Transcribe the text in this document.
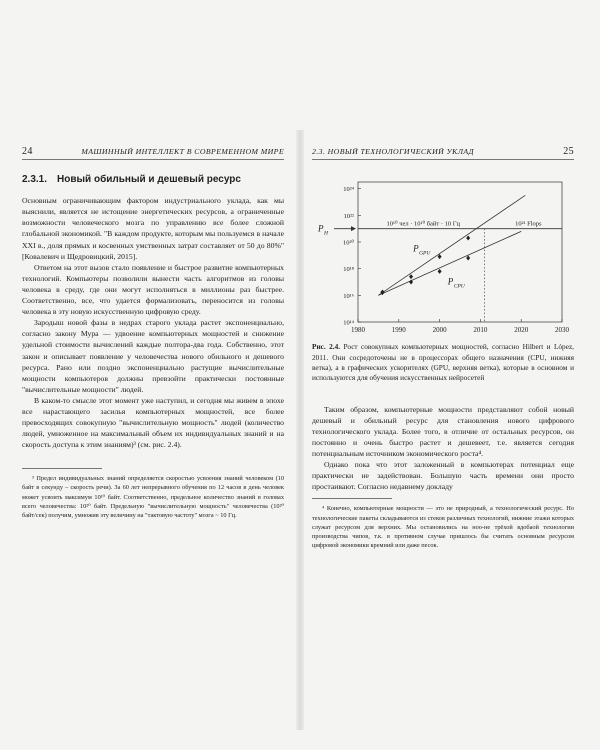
24	МАШИННЫЙ ИНТЕЛЛЕКТ В СОВРЕМЕННОМ МИРЕ
2.3.1. Новый обильный и дешевый ресурс

Основным ограничивающим фактором индустриального уклада, как мы выяснили, является не истощение энергетических ресурсов, а ограниченные возможности человеческого мозга по управлению все более сложной глобальной экономикой. "В каждом продукте, которым мы пользуемся в начале XXI в., доля прямых и косвенных умственных затрат составляет от 50 до 80%" [Ковалевич и Щедровицкий, 2015].

Ответом на этот вызов стало появление и быстрое развитие компьютерных технологий. Компьютеры позволили вынести часть алгоритмов из головы человека в среду, где они могут исполняться в миллионы раз быстрее. Соответственно, все, что удается формализовать, переносится из головы человека в эту новую искусственную цифровую среду.

Зародыш новой фазы в недрах старого уклада растет экспоненциально, согласно закону Мура — удвоение компьютерных мощностей и снижение удельной стоимости вычислений каждые полтора-два года. Собственно, этот закон и описывает появление у человечества нового обильного и дешевого ресурса. Рано или поздно экспоненциально растущие вычислительные мощности компьютеров должны превзойти практически постоянные "вычислительные мощности" людей.

В каком-то смысле этот момент уже наступил, и сегодня мы живем в эпохе все нарастающего засилья компьютерных мощностей, все более превосходящих совокупную "вычислительную мощность" людей (количество людей, умноженное на максимальный объем их индивидуальных знаний и на скорость доступа к этим знаниям)³ (см. рис. 2.4).

³ Предел индивидуальных знаний определяется скоростью усвоения знаний человеком (10 байт в секунду – скорость речи). За 60 лет непрерывного обучения по 12 часов в день человек может усвоить максимум 10¹⁰ байт. Соответственно, предельное количество знаний в головах всего человечества: 10²⁰ байт. Предельную "вычислительную мощность" человечества (10²⁰ байт/сек) получим, умножив эту величину на "тактовую частоту" мозга ~ 10 Гц.

2.3. НОВЫЙ ТЕХНОЛОГИЧЕСКИЙ УКЛАД	25
1980	1990	2000	2010	2020	2030
10¹⁴
10¹⁶
10¹⁸
10²⁰
10²²
10²⁴
10¹⁰ чел · 10¹⁰ байт · 10 Гц	10²¹ Flops
P H
P GPU
P CPU
Рис. 2.4. Рост совокупных компьютерных мощностей, согласно Hilbert и López, 2011. Они сосредоточены не в процессорах общего назначения (CPU, нижняя ветка), а в графических ускорителях (GPU, верхняя ветка), которые в основном и используются для обучения искусственных нейросетей

Таким образом, компьютерные мощности представляют собой новый дешевый и обильный ресурс для становления нового цифрового технологического уклада. Более того, в отличие от остальных ресурсов, он постоянно и очень быстро растет и дешевеет, т.е. является сегодня потенциальным источником экономического роста⁴.

Однако пока что этот заложенный в компьютерах потенциал еще практически не задействован. Большую часть времени они просто простаивают. Согласно недавнему докладу

⁴ Конечно, компьютерные мощности — это не природный, а технологический ресурс. Но технологические пакеты складываются из стеков различных технологий, нижние этажи которых служат ресурсом для верхних. Мы остановились на ноо-не трёхой вдобаой технологии производства чипов, т.к. в противном случае пришлось бы считать основным ресурсом цифровой экономики кремний или даже песок.
